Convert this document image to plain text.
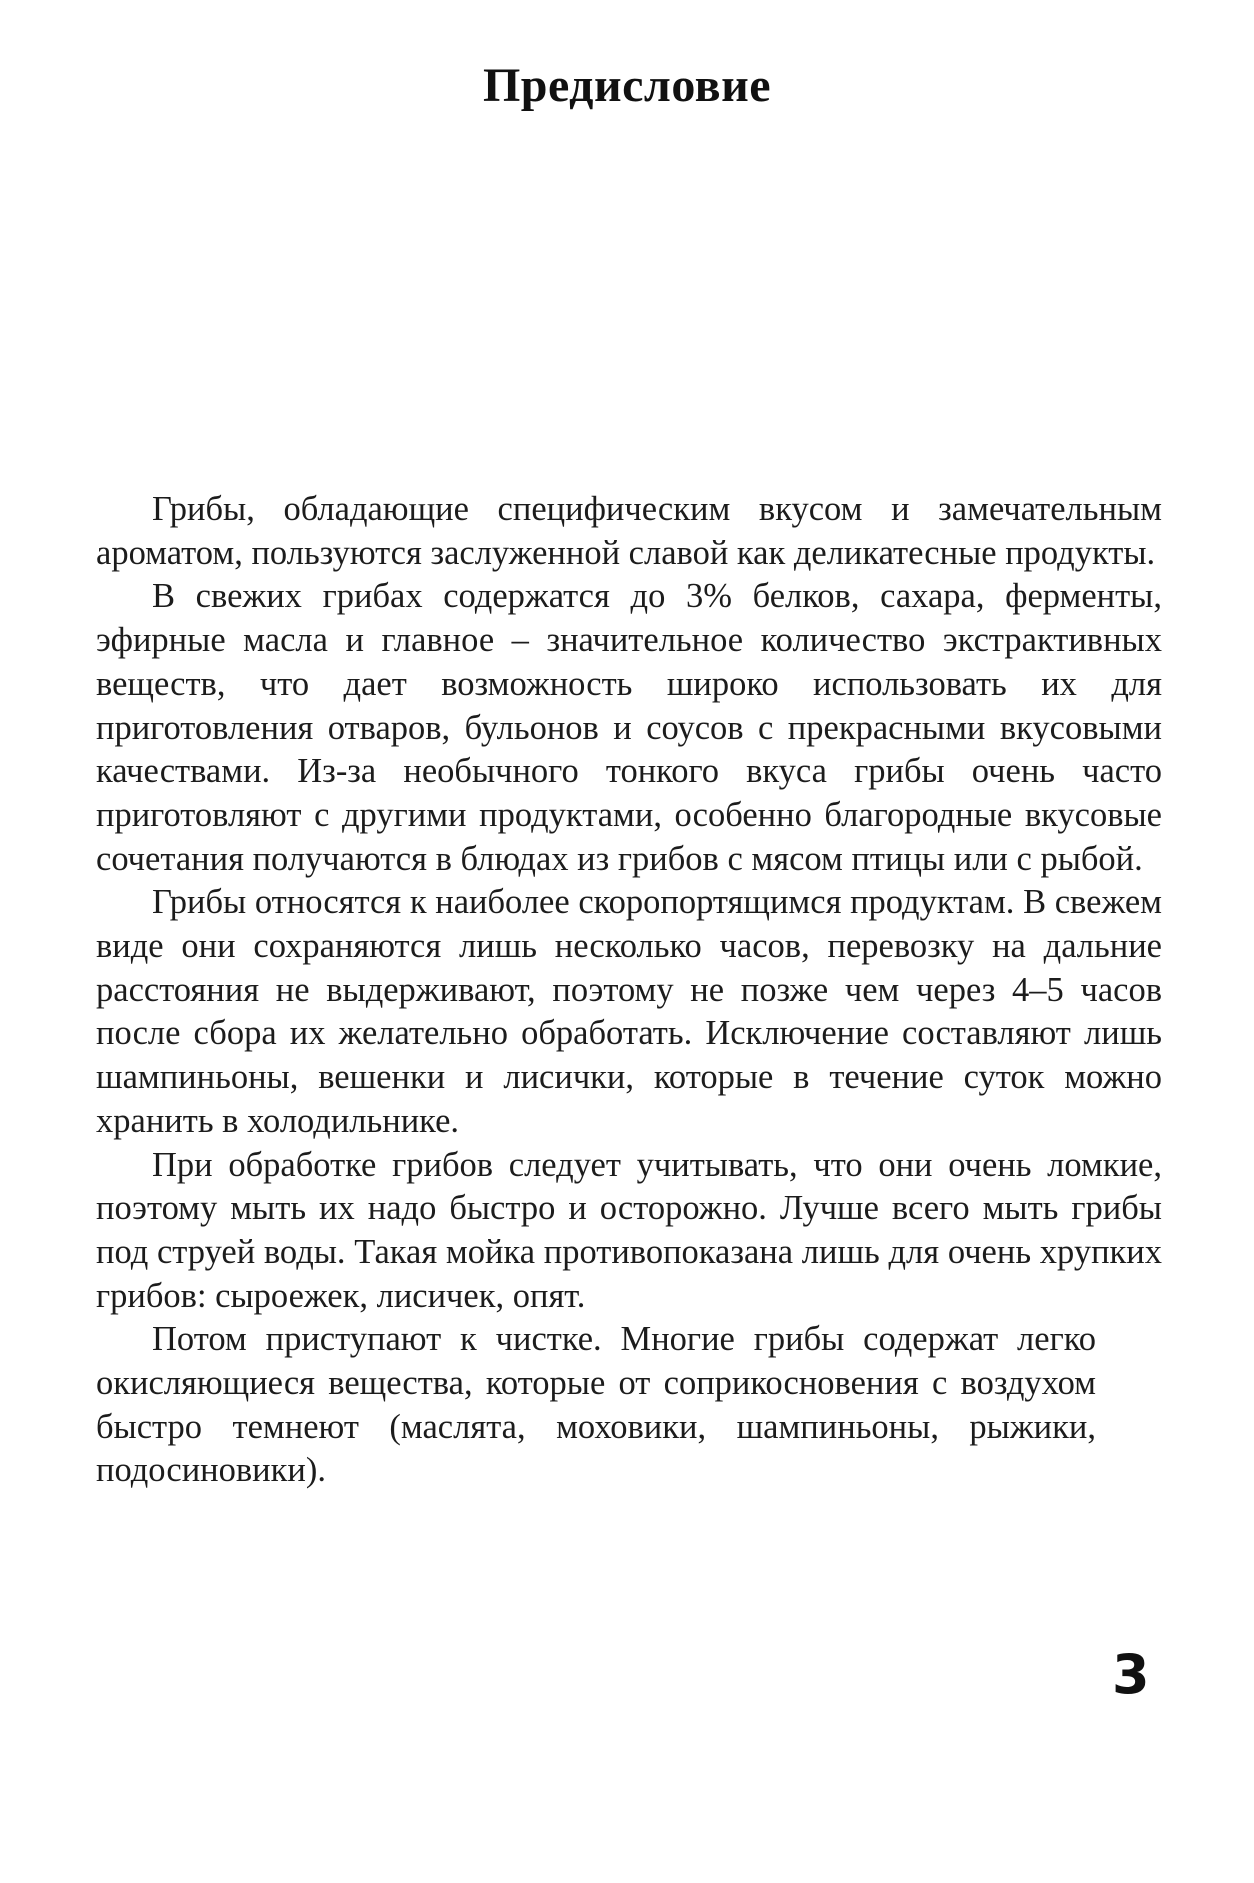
Предисловие

Грибы, обладающие специфическим вкусом и замечательным ароматом, пользуются заслуженной славой как деликатесные продукты.

В свежих грибах содержатся до 3% белков, сахара, ферменты, эфирные масла и главное – значительное количество экстрактивных веществ, что дает возможность широко использовать их для приготовления отваров, бульонов и соусов с прекрасными вкусовыми качествами. Из-за необычного тонкого вкуса грибы очень часто приготовляют с другими продуктами, особенно благородные вкусовые сочетания получаются в блюдах из грибов с мясом птицы или с рыбой.

Грибы относятся к наиболее скоропортящимся продуктам. В свежем виде они сохраняются лишь несколько часов, перевозку на дальние расстояния не выдерживают, поэтому не позже чем через 4–5 часов после сбора их желательно обработать. Исключение составляют лишь шампиньоны, вешенки и лисички, которые в течение суток можно хранить в холодильнике.

При обработке грибов следует учитывать, что они очень ломкие, поэтому мыть их надо быстро и осторожно. Лучше всего мыть грибы под струей воды. Такая мойка противопоказана лишь для очень хрупких грибов: сыроежек, лисичек, опят.

Потом приступают к чистке. Многие грибы содержат легко окисляющиеся вещества, которые от соприкосновения с воздухом быстро темнеют (маслята, моховики, шампиньоны, рыжики, подосиновики).

3
